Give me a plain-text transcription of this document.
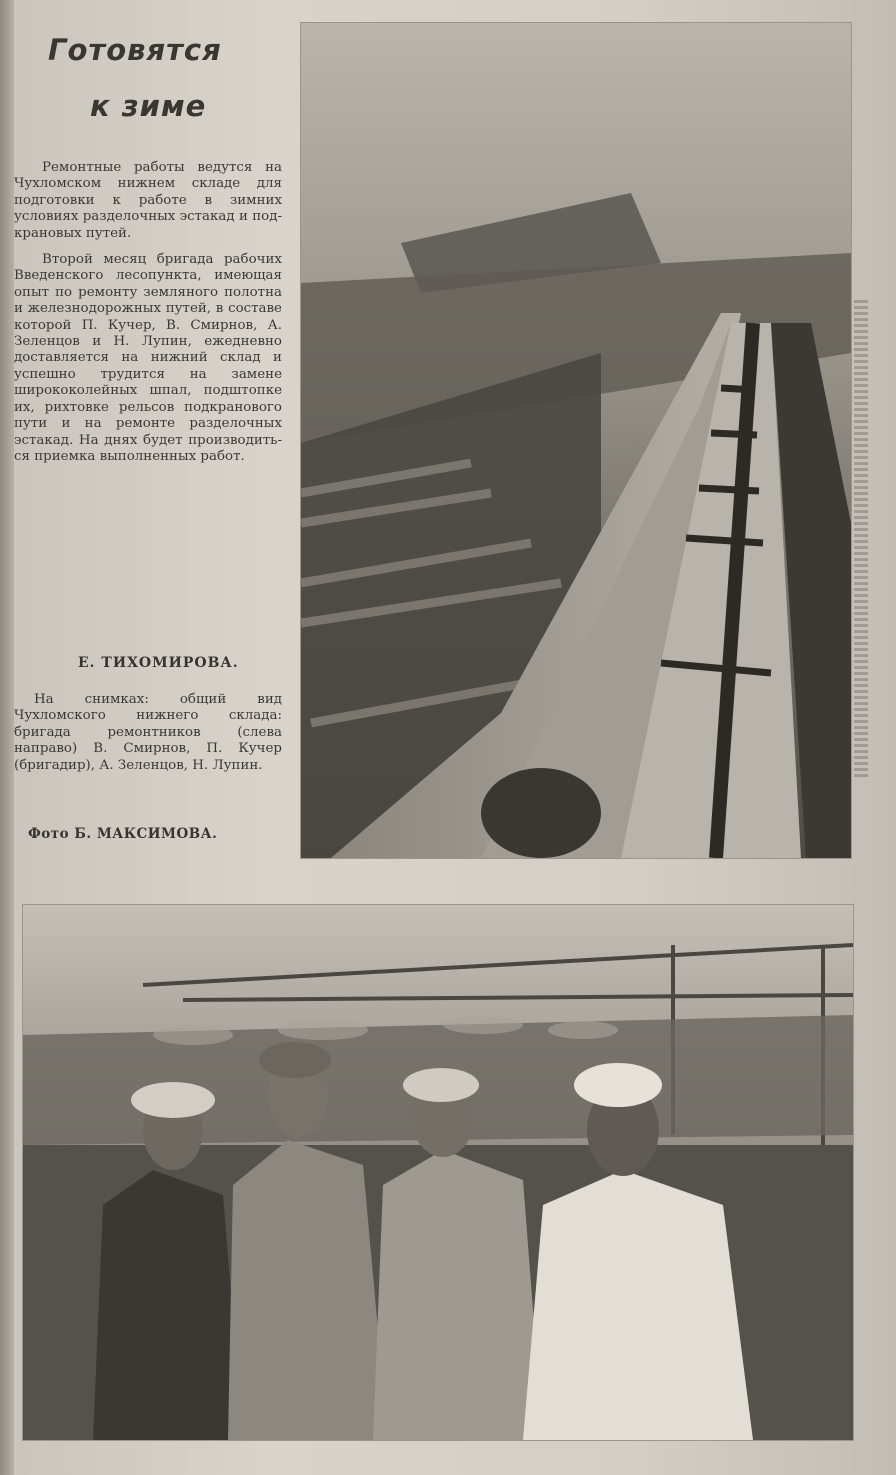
Готовятся
к зиме

Ремонтные работы ведутся на Чухломском нижнем складе для подготовки к работе в зимних условиях разделочных эстакад и подкрановых путей.

Второй месяц бригада рабочих Введенского лесопункта, имеющая опыт по ремонту земляного полотна и железнодорожных путей, в составе которой П. Кучер, В. Смирнов, А. Зеленцов и Н. Лупин, ежедневно доставляется на нижний склад и успешно трудится на замене ширококолейных шпал, подштопке их, рихтовке рельсов подкранового пути и на ремонте разделочных эстакад. На днях будет производиться приемка выполненных работ.

Е. ТИХОМИРОВА.

На снимках: общий вид Чухломского нижнего склада: бригада ремонтников (слева направо) В. Смирнов, П. Кучер (бригадир), А. Зеленцов, Н. Лупин.

Фото Б. МАКСИМОВА.
